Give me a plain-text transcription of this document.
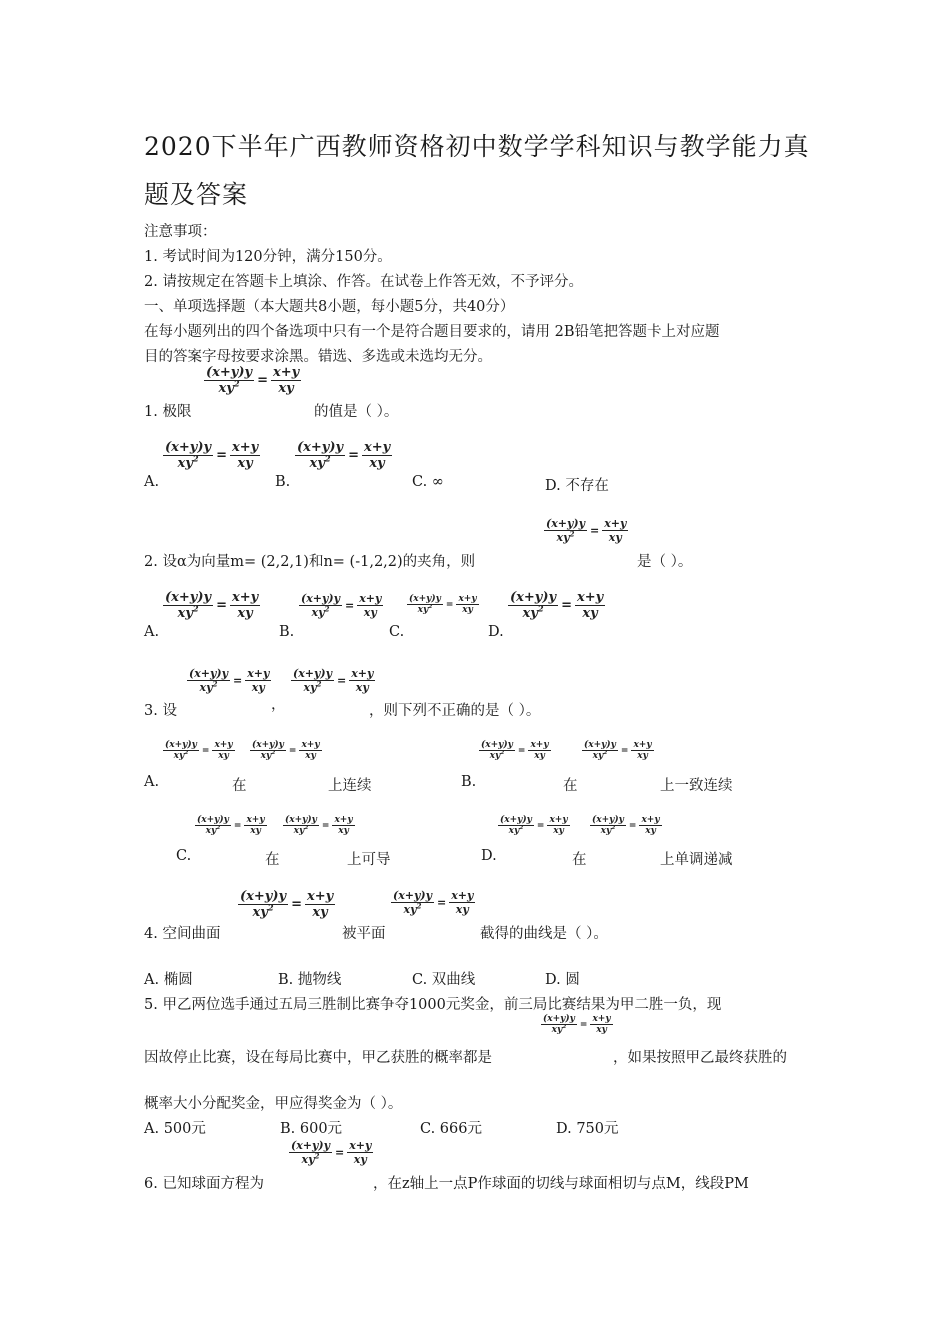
2020下半年广西教师资格初中数学学科知识与教学能力真
题及答案
注意事项：
1. 考试时间为120分钟，满分150分。
2. 请按规定在答题卡上填涂、作答。在试卷上作答无效，不予评分。
一、单项选择题（本大题共8小题，每小题5分，共40分）
在每小题列出的四个备选项中只有一个是符合题目要求的，请用 2B铅笔把答题卡上对应题
目的答案字母按要求涂黑。错选、多选或未选均无分。
1. 极限
$\frac{(x+y)y}{xy^2} = \frac{x+y}{xy}$
的值是（ ）。
A.
$\frac{(x+y)y}{xy^2} = \frac{x+y}{xy}$
B.
$\frac{(x+y)y}{xy^2} = \frac{x+y}{xy}$
C. ∞	D. 不存在
2. 设α为向量m= (2,2,1)和n= (-1,2,2)的夹角，则
$\frac{(x+y)y}{xy^2} = \frac{x+y}{xy}$
是（ ）。
A.
$\frac{(x+y)y}{xy^2} = \frac{x+y}{xy}$
B.
$\frac{(x+y)y}{xy^2} = \frac{x+y}{xy}$
C.
$\frac{(x+y)y}{xy^2} = \frac{x+y}{xy}$
D.
$\frac{(x+y)y}{xy^2} = \frac{x+y}{xy}$
3. 设
$\frac{(x+y)y}{xy^2} = \frac{x+y}{xy}$
，
$\frac{(x+y)y}{xy^2} = \frac{x+y}{xy}$
，则下列不正确的是（ ）。
A.
$\frac{(x+y)y}{xy^2} = \frac{x+y}{xy}$
在
$\frac{(x+y)y}{xy^2} = \frac{x+y}{xy}$
上连续	B.
$\frac{(x+y)y}{xy^2} = \frac{x+y}{xy}$
在
$\frac{(x+y)y}{xy^2} = \frac{x+y}{xy}$
上一致连续
C.
$\frac{(x+y)y}{xy^2} = \frac{x+y}{xy}$
在
$\frac{(x+y)y}{xy^2} = \frac{x+y}{xy}$
上可导	D.
$\frac{(x+y)y}{xy^2} = \frac{x+y}{xy}$
在
$\frac{(x+y)y}{xy^2} = \frac{x+y}{xy}$
上单调递减
4. 空间曲面
$\frac{(x+y)y}{xy^2} = \frac{x+y}{xy}$
被平面
$\frac{(x+y)y}{xy^2} = \frac{x+y}{xy}$
截得的曲线是（ ）。
A. 椭圆	B. 抛物线	C. 双曲线	D. 圆
5. 甲乙两位选手通过五局三胜制比赛争夺1000元奖金，前三局比赛结果为甲二胜一负，现
因故停止比赛，设在每局比赛中，甲乙获胜的概率都是
$\frac{(x+y)y}{xy^2} = \frac{x+y}{xy}$
，如果按照甲乙最终获胜的
概率大小分配奖金，甲应得奖金为（ ）。
A. 500元	B. 600元	C. 666元	D. 750元
6. 已知球面方程为
$\frac{(x+y)y}{xy^2} = \frac{x+y}{xy}$
，在z轴上一点P作球面的切线与球面相切与点M，线段PM
